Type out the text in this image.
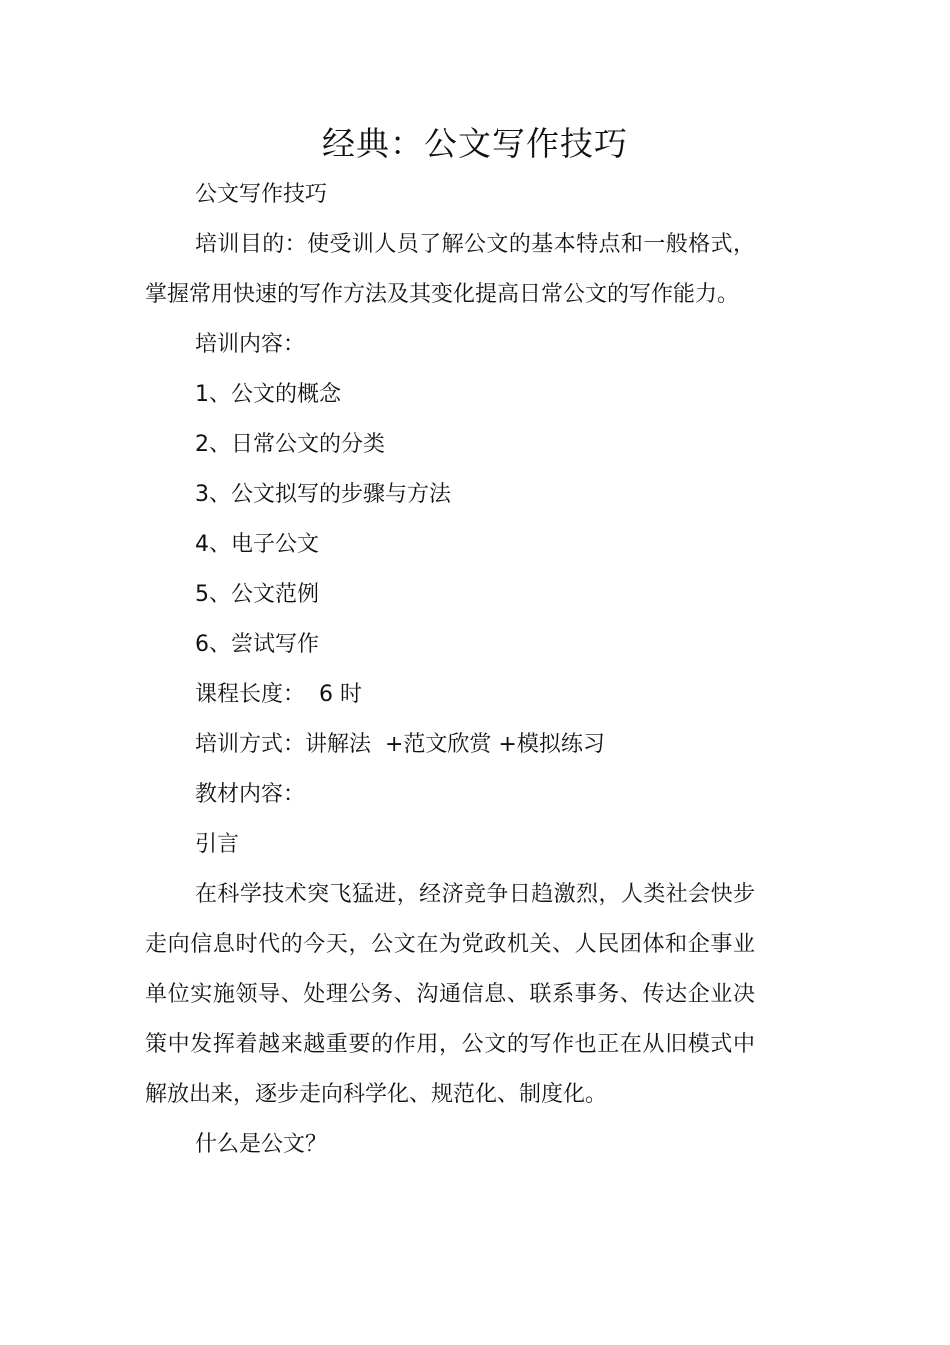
经典：公文写作技巧

公文写作技巧

培训目的：使受训人员了解公文的基本特点和一般格式，掌握常用快速的写作方法及其变化提高日常公文的写作能力。

培训内容：

1、公文的概念

2、日常公文的分类

3、公文拟写的步骤与方法

4、电子公文

5、公文范例

6、尝试写作

课程长度：  6 时

培训方式：讲解法  +范文欣赏 +模拟练习

教材内容：

引言

在科学技术突飞猛进，经济竞争日趋激烈，人类社会快步走向信息时代的今天，公文在为党政机关、人民团体和企事业单位实施领导、处理公务、沟通信息、联系事务、传达企业决策中发挥着越来越重要的作用，公文的写作也正在从旧模式中解放出来，逐步走向科学化、规范化、制度化。

什么是公文？
